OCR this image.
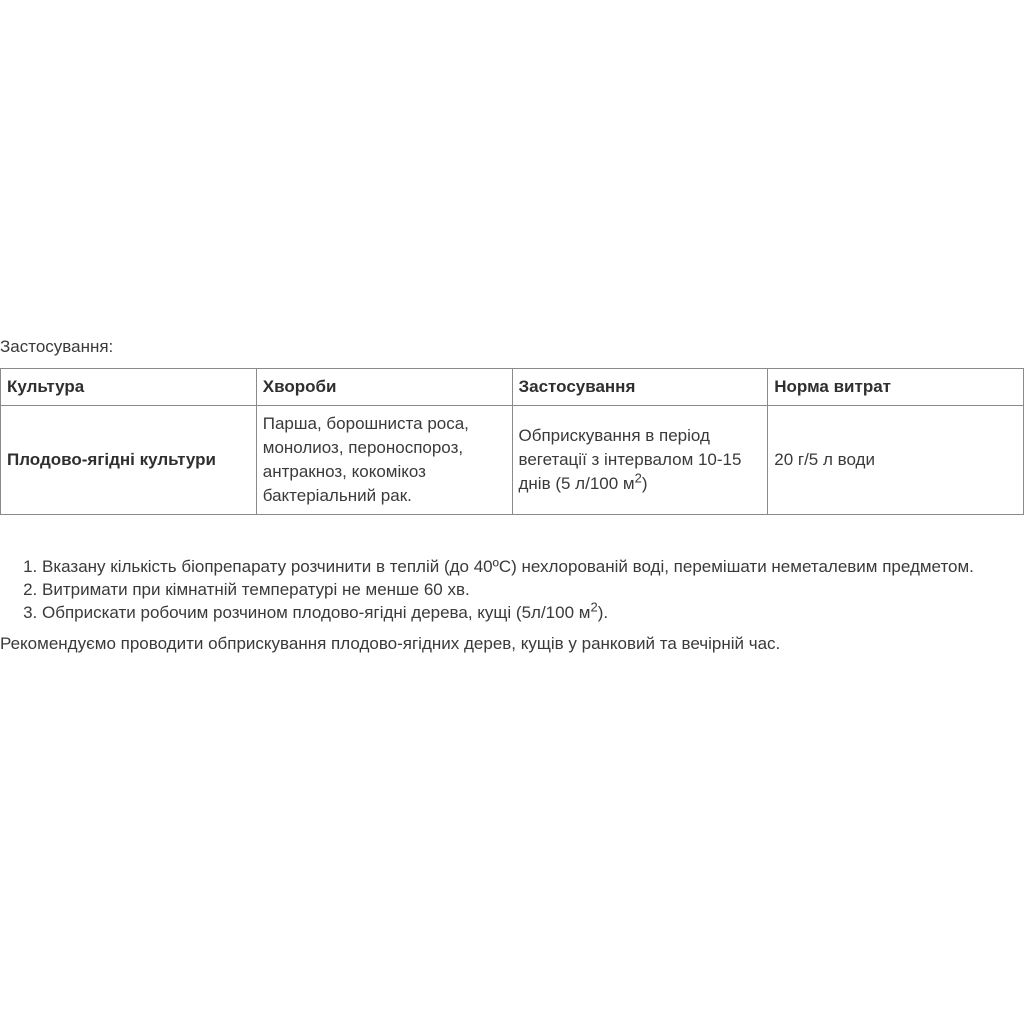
Застосування:

Культура	Хвороби	Застосування	Норма витрат
Плодово-ягідні культури	Парша, борошниста роса,
монолиоз, пероноспороз,
антракноз, кокомікоз
бактеріальний рак.	Обприскування в період
вегетації з інтервалом 10-15
днів (5 л/100 $м^2$)	20 г/5 л води
1. Вказану кількість біопрепарату розчинити в теплій (до 40ºС) нехлорованій воді, перемішати неметалевим предметом.
2. Витримати при кімнатній температурі не менше 60 хв.
3. Обприскати робочим розчином плодово-ягідні дерева, кущі (5л/100 $м^2$).

Рекомендуємо проводити обприскування плодово-ягідних дерев, кущів у ранковий та вечірній час.
